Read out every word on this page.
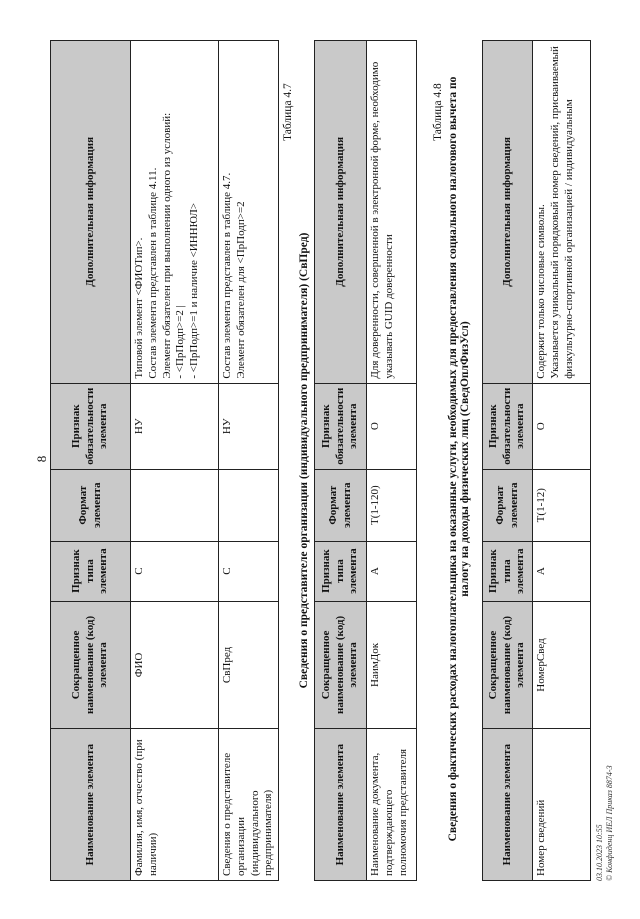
8
Наименование элемента	Сокращенное наименование (код) элемента	Признак типа элемента	Формат элемента	Признак обязательности элемента	Дополнительная информация
Фамилия, имя, отчество (при наличии)	ФИО	С		НУ	Типовой элемент <ФИОТип>.
Состав элемента представлен в таблице 4.11.
Элемент обязателен при выполнении одного из условий:
- <ПрПодп>=2 |
- <ПрПодп>=1 и наличие <ИННЮЛ>
Сведения о представителе организации (индивидуального предпринимателя)	СвПред	С		НУ	Состав элемента представлен в таблице 4.7.
Элемент обязателен для <ПрПодп>=2
Таблица 4.7
Сведения о представителе организации (индивидуального предпринимателя) (СвПред)
Наименование элемента	Сокращенное наименование (код) элемента	Признак типа элемента	Формат элемента	Признак обязательности элемента	Дополнительная информация
Наименование документа, подтверждающего полномочия представителя	НаимДок	А	T(1-120)	О	Для доверенности, совершенной в электронной форме, необходимо указывать GUID доверенности
Таблица 4.8 Сведения о фактических расходах налогоплательщика на оказанные услуги, необходимых для предоставления социального налогового вычета по налогу на доходы физических лиц (СведОплФизУсл)
Наименование элемента	Сокращенное наименование (код) элемента	Признак типа элемента	Формат элемента	Признак обязательности элемента	Дополнительная информация
Номер сведений	НомерСвед	А	T(1-12)	О	Содержит только числовые символы.
Указывается уникальный порядковый номер сведений, присваиваемый физкультурно-спортивной организацией / индивидуальным
03.10.2023 10:55 © Конфиденц ИЕЛ Приказ 8874-3
